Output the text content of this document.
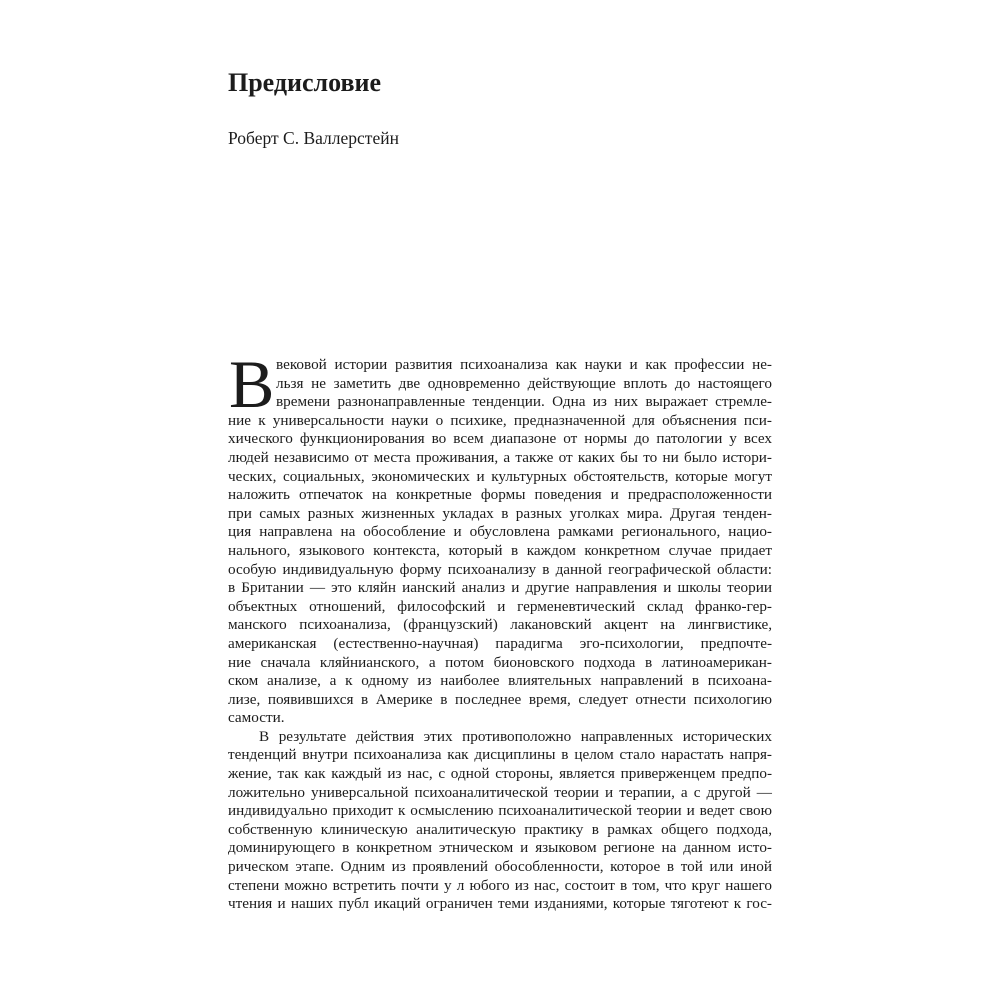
Предисловие

Роберт С. Валлерстейн

В вековой истории развития психоанализа как науки и как профессии не-
льзя не заметить две одновременно действующие вплоть до настоящего
времени разнонаправленные тенденции. Одна из них выражает стремле-
ние к универсальности науки о психике, предназначенной для объяснения пси-
хического функционирования во всем диапазоне от нормы до патологии у всех
людей независимо от места проживания, а также от каких бы то ни было истори-
ческих, социальных, экономических и культурных обстоятельств, которые могут
наложить отпечаток на конкретные формы поведения и предрасположенности
при самых разных жизненных укладах в разных уголках мира. Другая тенден-
ция направлена на обособление и обусловлена рамками регионального, нацио-
нального, языкового контекста, который в каждом конкретном случае придает
особую индивидуальную форму психоанализу в данной географической области:
в Британии — это кляйн ианский анализ и другие направления и школы теории
объектных отношений, философский и герменевтический склад франко-гер-
манского психоанализа, (французский) лакановский акцент на лингвистике,
американская (естественно-научная) парадигма эго-психологии, предпочте-
ние сначала кляйнианского, а потом бионовского подхода в латиноамерикан-
ском анализе, а к одному из наиболее влиятельных направлений в психоана-
лизе, появившихся в Америке в последнее время, следует отнести психологию
самости.
В результате действия этих противоположно направленных исторических
тенденций внутри психоанализа как дисциплины в целом стало нарастать напря-
жение, так как каждый из нас, с одной стороны, является приверженцем предпо-
ложительно универсальной психоаналитической теории и терапии, а с другой —
индивидуально приходит к осмыслению психоаналитической теории и ведет свою
собственную клиническую аналитическую практику в рамках общего подхода,
доминирующего в конкретном этническом и языковом регионе на данном истo-
рическом этапе. Одним из проявлений обособленности, которое в той или иной
степени можно встретить почти у л юбого из нас, состоит в том, что круг нашего
чтения и наших публ икаций ограничен теми изданиями, которые тяготеют к гос-
